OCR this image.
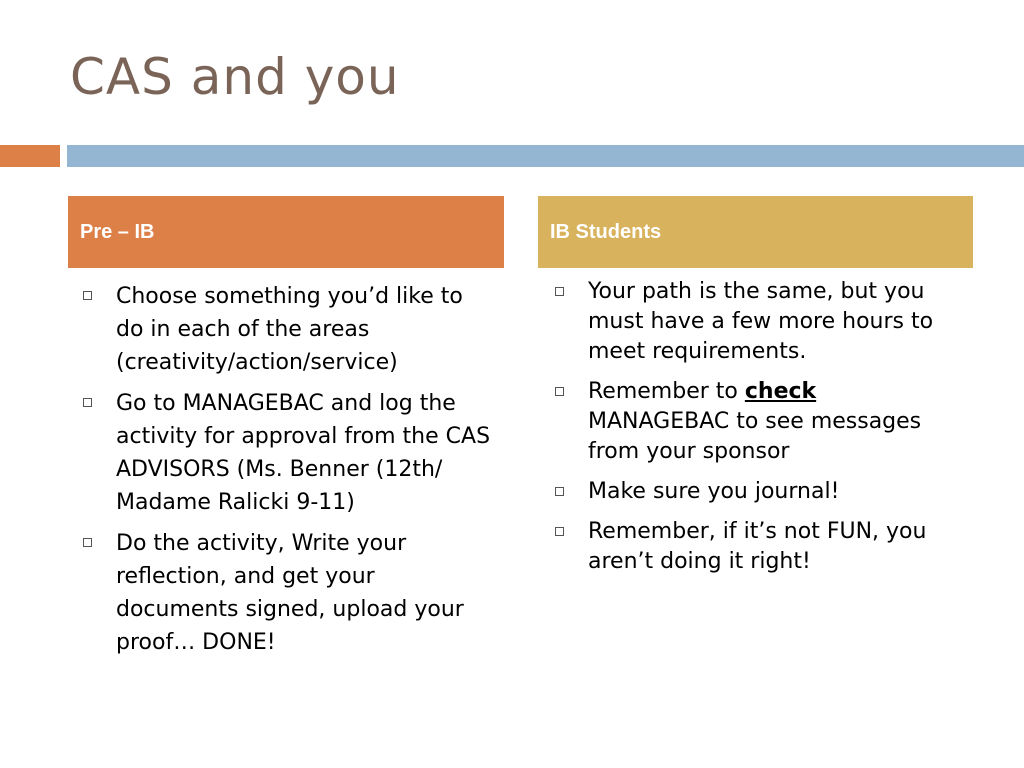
CAS and you
Pre – IB	IB Students
Choose something you’d like to do in each of the areas (creativity/action/service)
Go to MANAGEBAC and log the activity for approval from the CAS ADVISORS (Ms. Benner (12th/ Madame Ralicki 9-11)
Do the activity, Write your reflection, and get your documents signed, upload your proof… DONE!
Your path is the same, but you must have a few more hours to meet requirements.
Remember to check MANAGEBAC to see messages from your sponsor
Make sure you journal!
Remember, if it’s not FUN, you aren’t doing it right!
